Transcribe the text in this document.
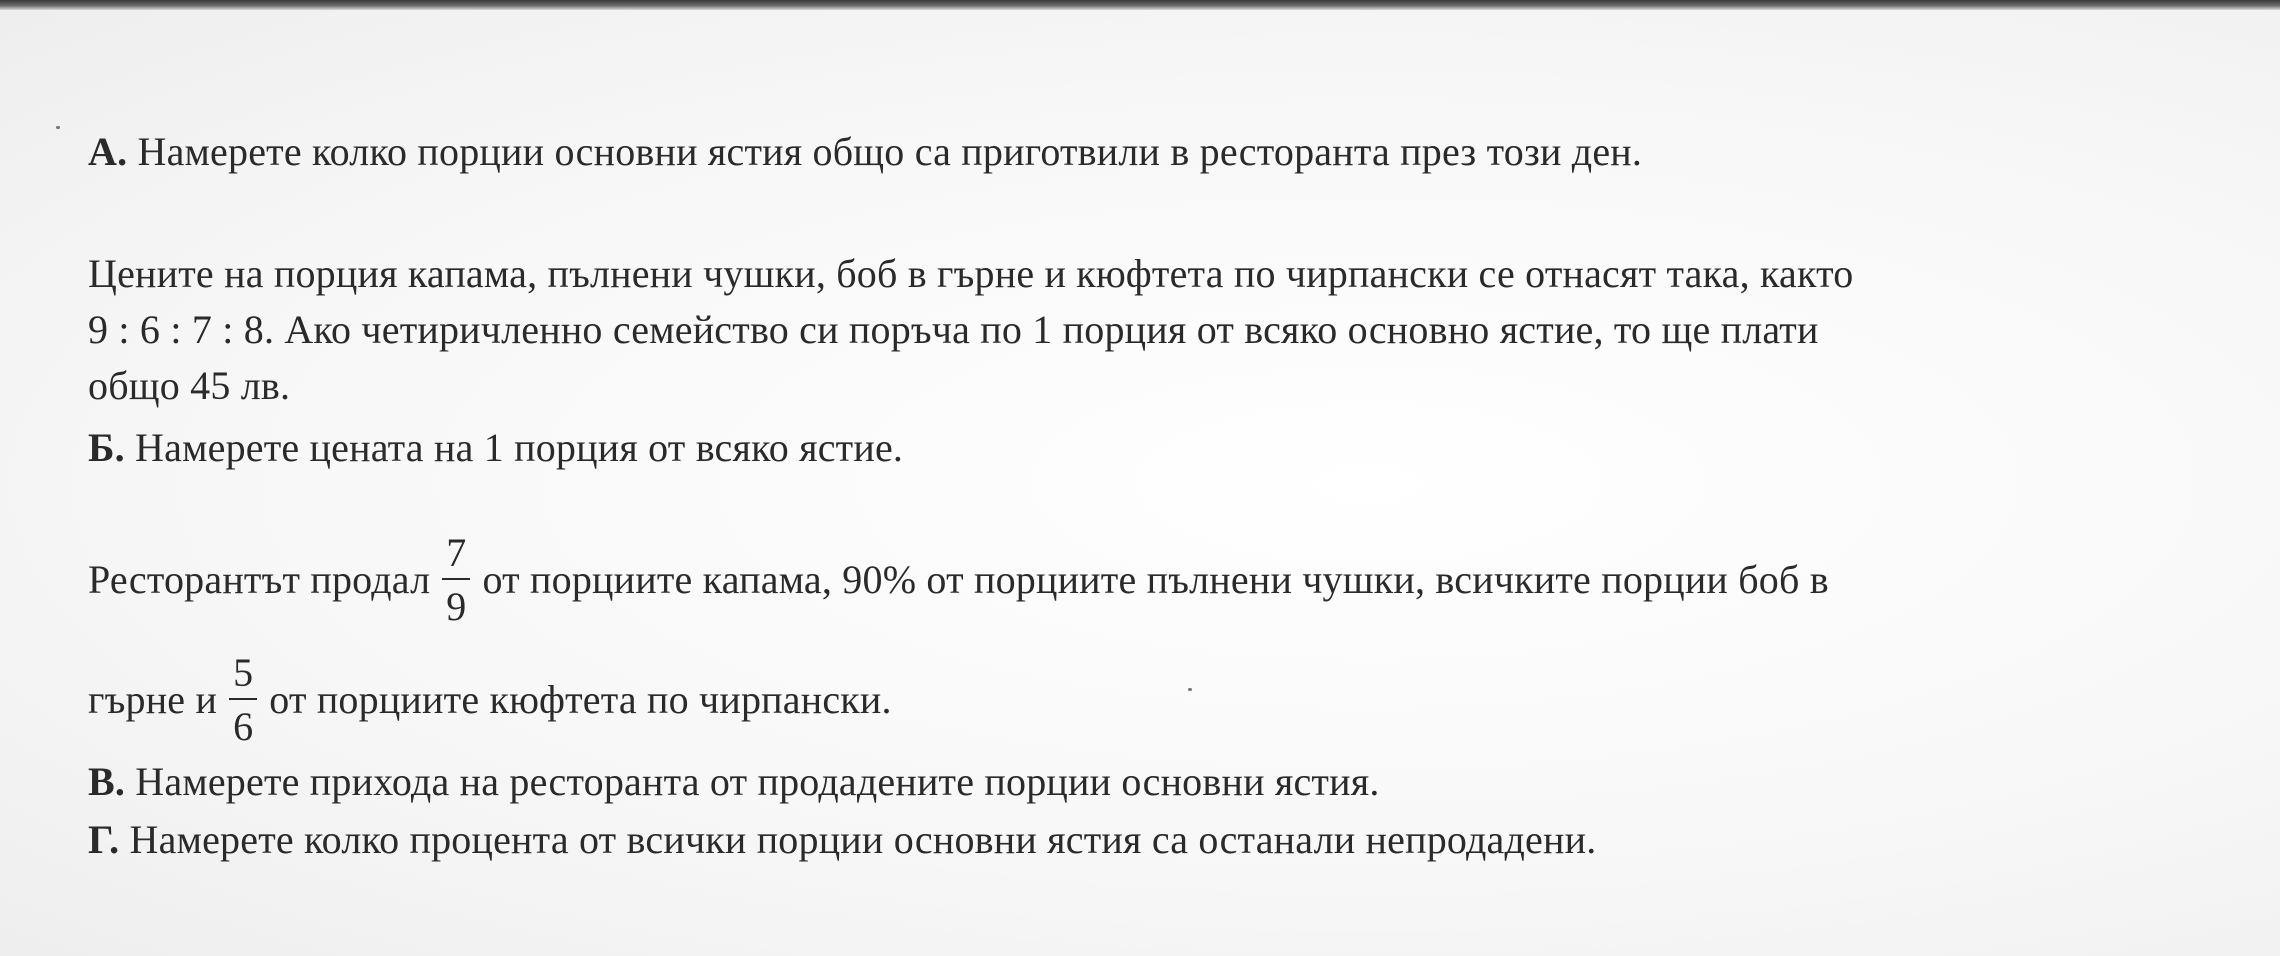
А. Намерете колко порции основни ястия общо са приготвили в ресторанта през този ден.
Цените на порция капама, пълнени чушки, боб в гърне и кюфтета по чирпански се отнасят така, както
9 : 6 : 7 : 8. Ако четиричленно семейство си поръча по 1 порция от всяко основно ястие, то ще плати
общо 45 лв.
Б. Намерете цената на 1 порция от всяко ястие.
Ресторантът продал $\frac{7}{9}$ от порциите капама, 90% от порциите пълнени чушки, всичките порции боб в
гърне и $\frac{5}{6}$ от порциите кюфтета по чирпански.
В. Намерете прихода на ресторанта от продадените порции основни ястия.
Г. Намерете колко процента от всички порции основни ястия са останали непродадени.
